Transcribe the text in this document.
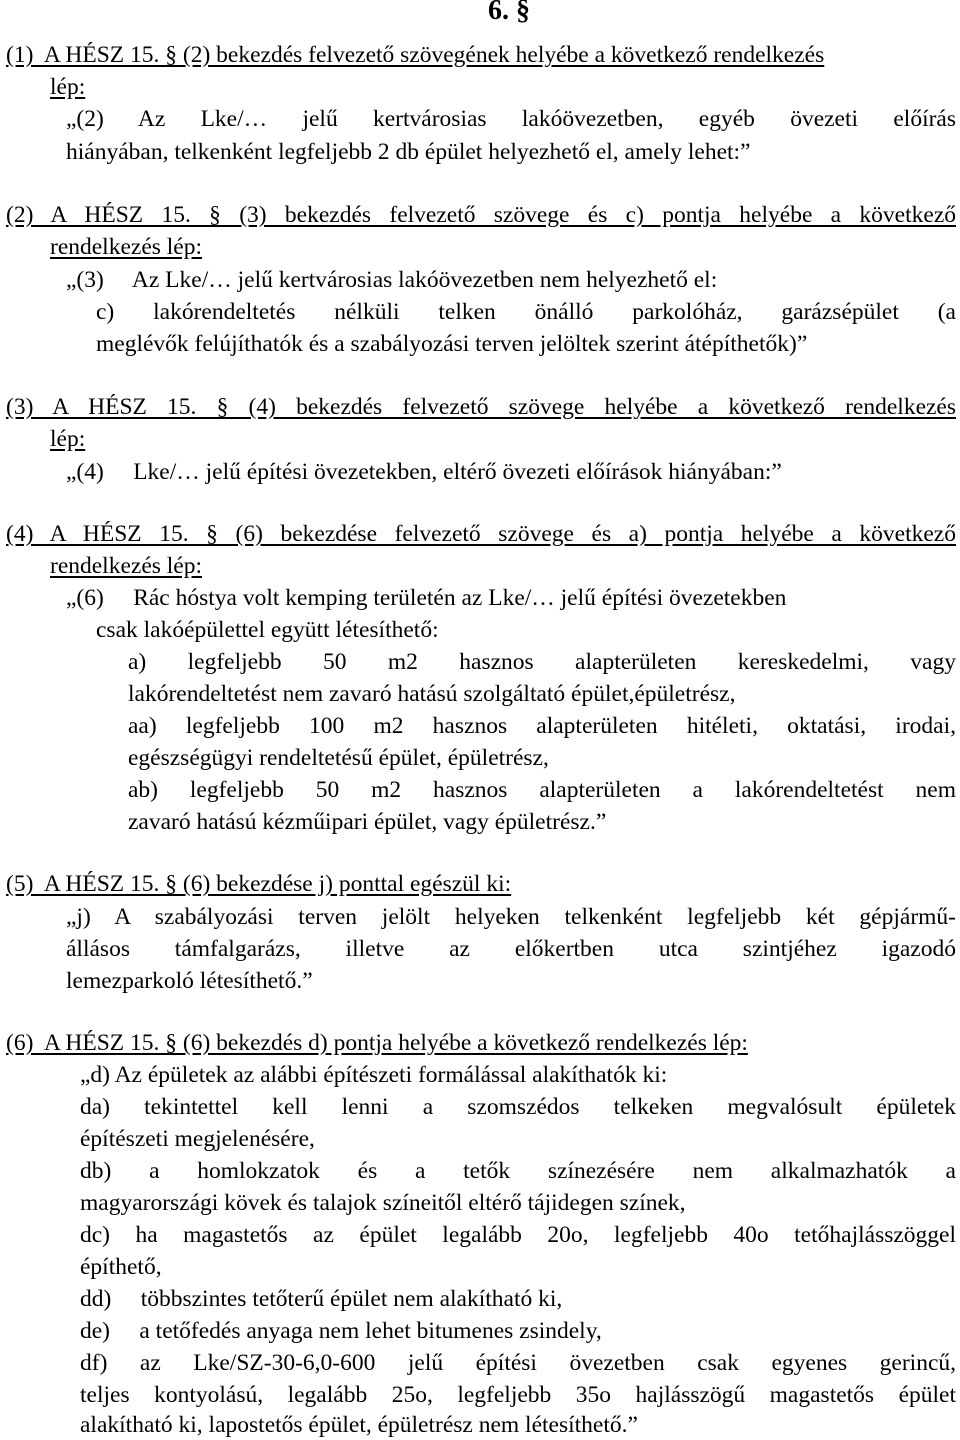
6. §
(1)  A HÉSZ 15. § (2) bekezdés felvezető szövegének helyébe a következő rendelkezés
lép:
„(2) Az Lke/… jelű kertvárosias lakóövezetben, egyéb övezeti előírás
hiányában, telkenként legfeljebb 2 db épület helyezhető el, amely lehet:”
(2) A HÉSZ 15. § (3) bekezdés felvezető szövege és c) pontja helyébe a következő
rendelkezés lép:
„(3)     Az Lke/… jelű kertvárosias lakóövezetben nem helyezhető el:
c) lakórendeltetés nélküli telken önálló parkolóház, garázsépület (a
meglévők felújíthatók és a szabályozási terven jelöltek szerint átépíthetők)”
(3) A HÉSZ 15. § (4) bekezdés felvezető szövege helyébe a következő rendelkezés
lép:
„(4)     Lke/… jelű építési övezetekben, eltérő övezeti előírások hiányában:”
(4) A HÉSZ 15. § (6) bekezdése felvezető szövege és a) pontja helyébe a következő
rendelkezés lép:
„(6)     Rác hóstya volt kemping területén az Lke/… jelű építési övezetekben
csak lakóépülettel együtt létesíthető:
a) legfeljebb 50 m2 hasznos alapterületen kereskedelmi, vagy
lakórendeltetést nem zavaró hatású szolgáltató épület,épületrész,
aa) legfeljebb 100 m2 hasznos alapterületen hitéleti, oktatási, irodai,
egészségügyi rendeltetésű épület, épületrész,
ab) legfeljebb 50 m2 hasznos alapterületen a lakórendeltetést nem
zavaró hatású kézműipari épület, vagy épületrész.”
(5)  A HÉSZ 15. § (6) bekezdése j) ponttal egészül ki:
„j) A szabályozási terven jelölt helyeken telkenként legfeljebb két gépjármű-
állásos támfalgarázs, illetve az előkertben utca szintjéhez igazodó
lemezparkoló létesíthető.”
(6)  A HÉSZ 15. § (6) bekezdés d) pontja helyébe a következő rendelkezés lép:
„d) Az épületek az alábbi építészeti formálással alakíthatók ki:
da) tekintettel kell lenni a szomszédos telkeken megvalósult épületek
építészeti megjelenésére,
db) a homlokzatok és a tetők színezésére nem alkalmazhatók a
magyarországi kövek és talajok színeitől eltérő tájidegen színek,
dc) ha magastetős az épület legalább 20o, legfeljebb 40o tetőhajlásszöggel
építhető,
dd)     többszintes tetőterű épület nem alakítható ki,
de)     a tetőfedés anyaga nem lehet bitumenes zsindely,
df) az Lke/SZ-30-6,0-600 jelű építési övezetben csak egyenes gerincű,
teljes kontyolású, legalább 25o, legfeljebb 35o hajlásszögű magastetős épület
alakítható ki, lapostetős épület, épületrész nem létesíthető.”
